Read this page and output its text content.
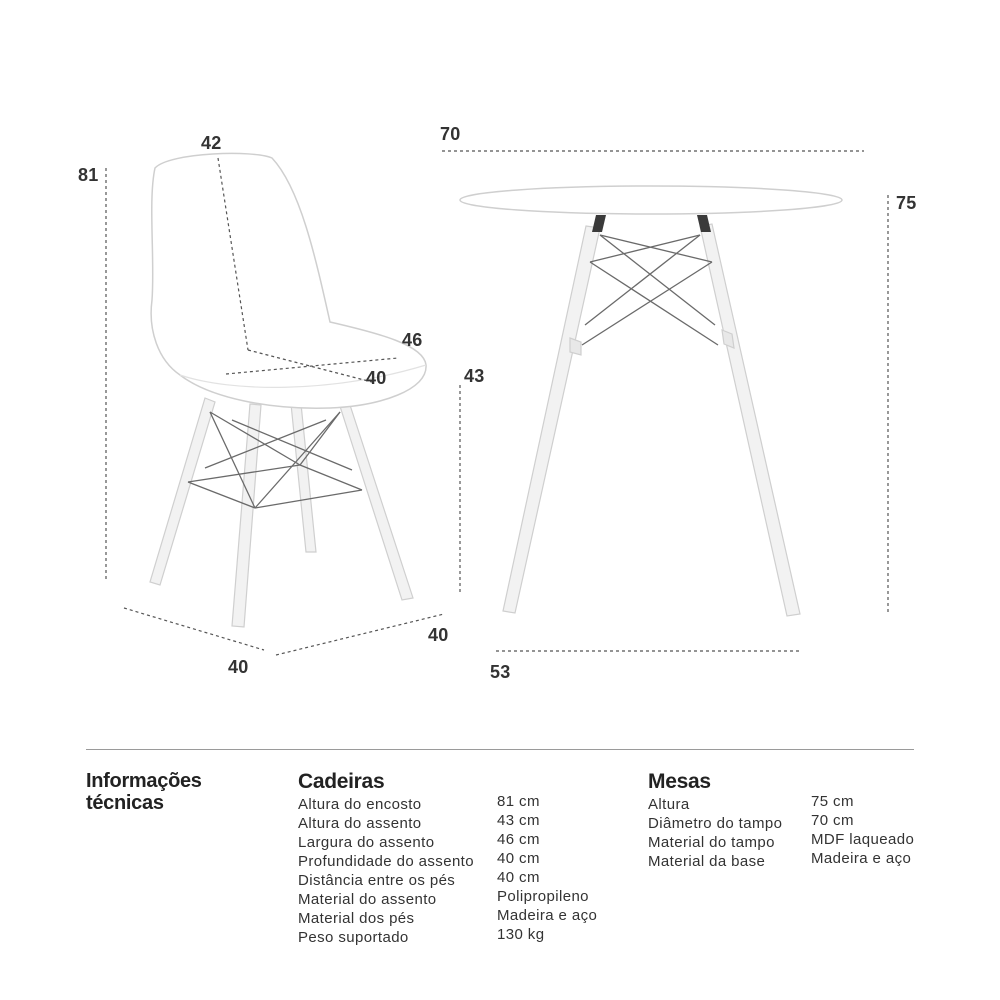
81
42
46
40	43
40
40
70
75
53
Informações
técnicas
Cadeiras
Altura do encosto
Altura do assento
Largura do assento
Profundidade do assento
Distância entre os pés
Material do assento
Material dos pés
Peso suportado
81 cm
43 cm
46 cm
40 cm
40 cm
Polipropileno
Madeira e aço
130 kg
Mesas
Altura
Diâmetro do tampo
Material do tampo
Material da base
75 cm
70 cm
MDF laqueado
Madeira e aço
